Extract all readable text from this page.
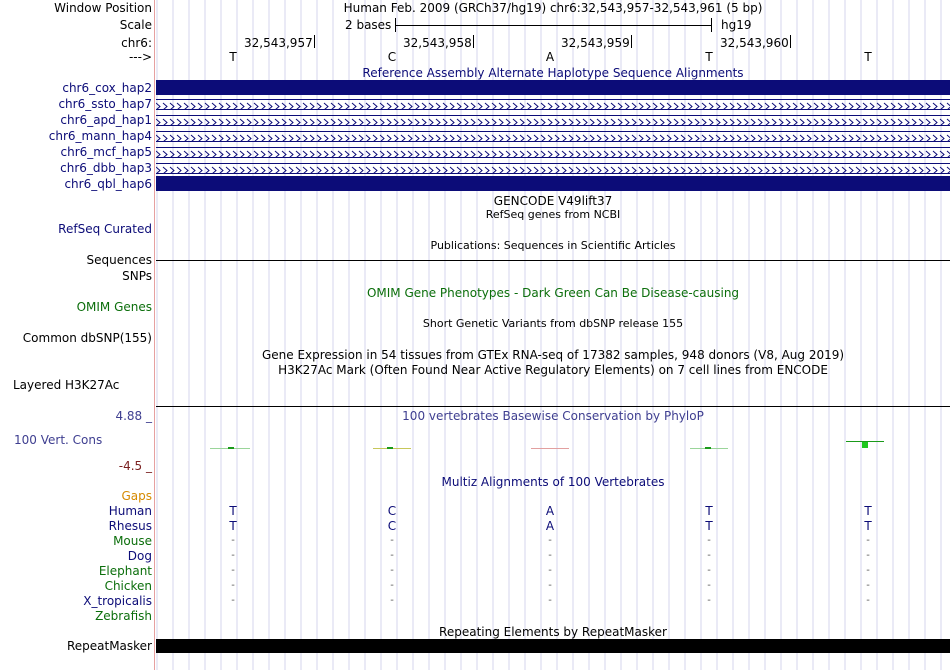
Window Position	Human Feb. 2009 (GRCh37/hg19) chr6:32,543,957-32,543,961 (5 bp)
Scale	2 bases	hg19
chr6:	32,543,957	32,543,958	32,543,959	32,543,960
--->	T	C	A	T	T
Reference Assembly Alternate Haplotype Sequence Alignments
chr6_cox_hap2
chr6_ssto_hap7
chr6_apd_hap1
chr6_mann_hap4
chr6_mcf_hap5
chr6_dbb_hap3
chr6_qbl_hap6
GENCODE V49lift37
RefSeq genes from NCBI
RefSeq Curated
Publications: Sequences in Scientific Articles
Sequences
SNPs
OMIM Gene Phenotypes - Dark Green Can Be Disease-causing
OMIM Genes
Short Genetic Variants from dbSNP release 155
Common dbSNP(155)
Gene Expression in 54 tissues from GTEx RNA-seq of 17382 samples, 948 donors (V8, Aug 2019)
H3K27Ac Mark (Often Found Near Active Regulatory Elements) on 7 cell lines from ENCODE
Layered H3K27Ac
4.88 _	100 vertebrates Basewise Conservation by PhyloP
100 Vert. Cons
-4.5 _
Multiz Alignments of 100 Vertebrates
Gaps
Human	T	C	A	T	T
Rhesus	T	C	A	T	T
Mouse	-	-	-	-	-
Dog	-	-	-	-	-
Elephant	-	-	-	-	-
Chicken	-	-	-	-	-
X_tropicalis	-	-	-	-	-
Zebrafish
Repeating Elements by RepeatMasker
RepeatMasker
